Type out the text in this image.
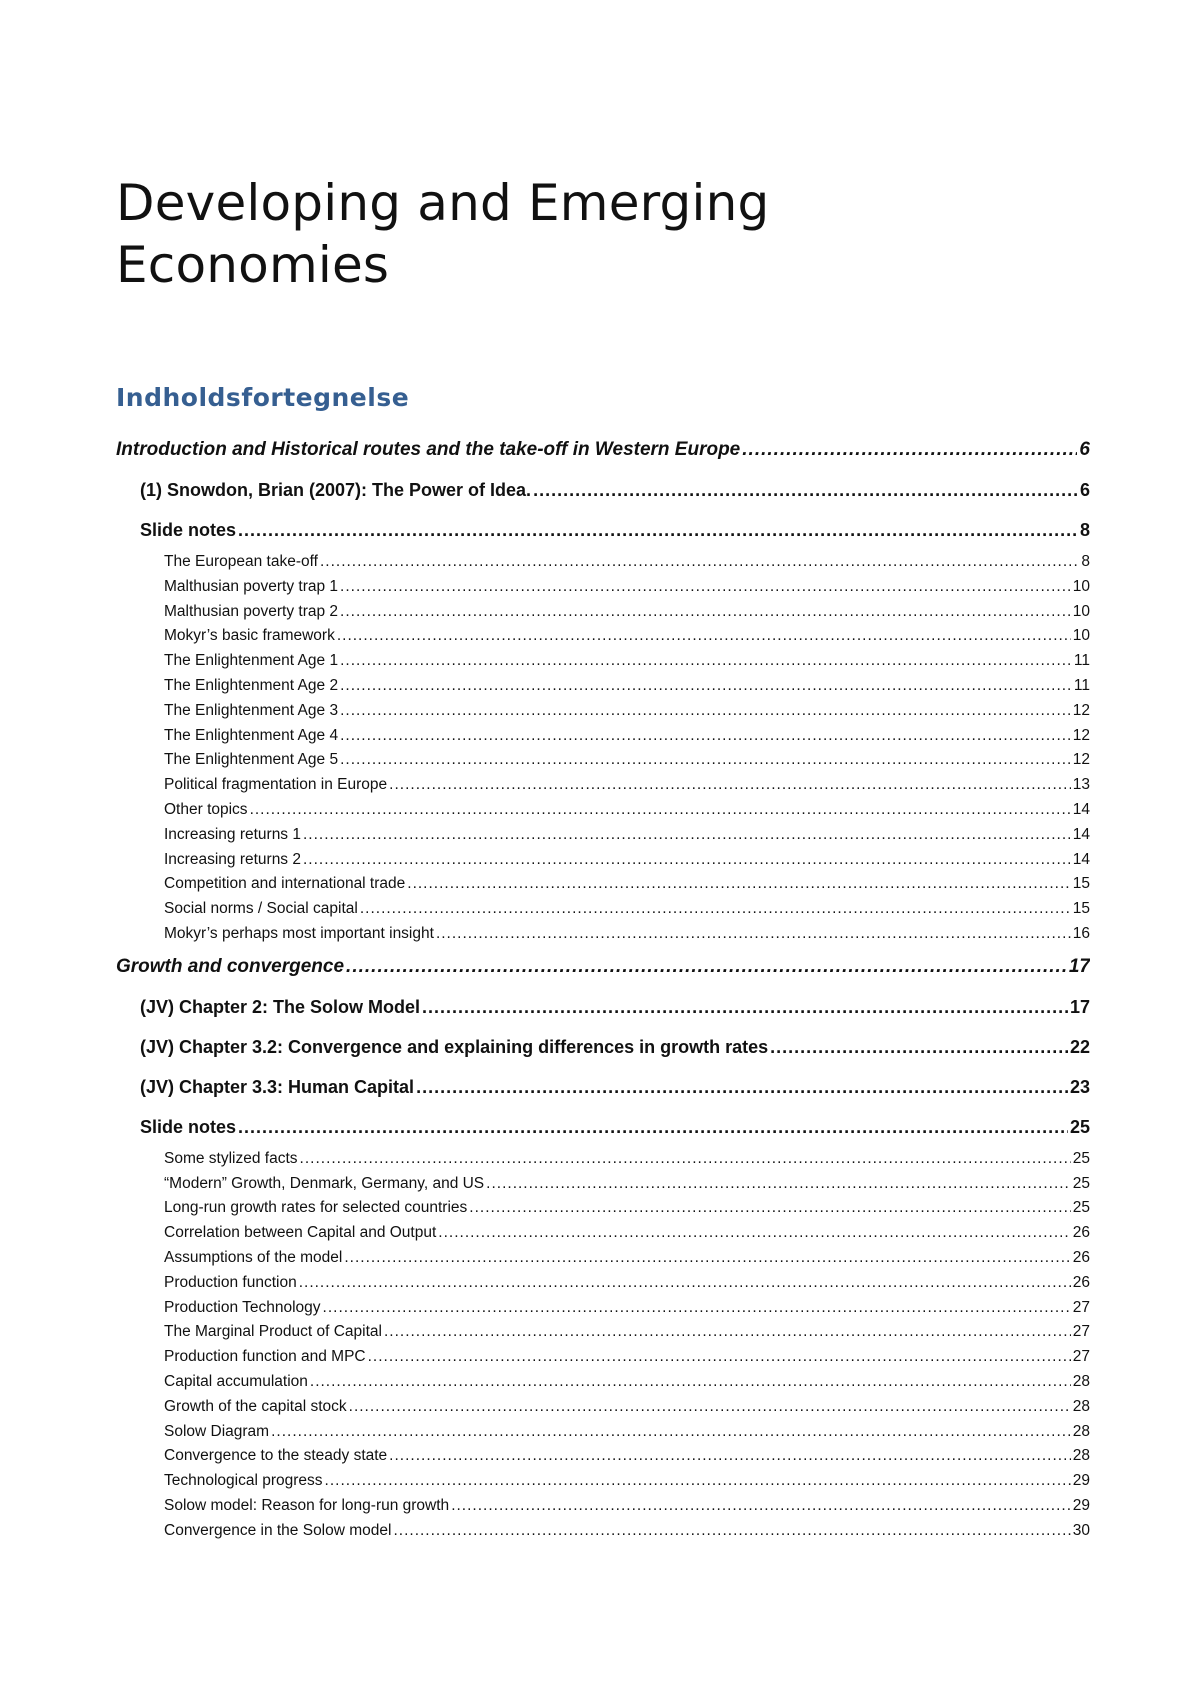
Developing and Emerging Economies
Indholdsfortegnelse
Introduction and Historical routes and the take-off in Western Europe .....	6
(1) Snowdon, Brian (2007): The Power of Idea. .....	6
Slide notes .....	8
The European take-off .....	8
Malthusian poverty trap 1 .....	10
Malthusian poverty trap 2 .....	10
Mokyr’s basic framework .....	10
The Enlightenment Age 1 .....	11
The Enlightenment Age 2 .....	11
The Enlightenment Age 3 .....	12
The Enlightenment Age 4 .....	12
The Enlightenment Age 5 .....	12
Political fragmentation in Europe .....	13
Other topics .....	14
Increasing returns 1 .....	14
Increasing returns 2 .....	14
Competition and international trade .....	15
Social norms / Social capital .....	15
Mokyr’s perhaps most important insight .....	16
Growth and convergence .....	17
(JV) Chapter 2: The Solow Model .....	17
(JV) Chapter 3.2: Convergence and explaining differences in growth rates .....	22
(JV) Chapter 3.3: Human Capital .....	23
Slide notes .....	25
Some stylized facts .....	25
“Modern” Growth, Denmark, Germany, and US .....	25
Long-run growth rates for selected countries .....	25
Correlation between Capital and Output .....	26
Assumptions of the model .....	26
Production function .....	26
Production Technology .....	27
The Marginal Product of Capital .....	27
Production function and MPC .....	27
Capital accumulation .....	28
Growth of the capital stock .....	28
Solow Diagram .....	28
Convergence to the steady state .....	28
Technological progress .....	29
Solow model: Reason for long-run growth .....	29
Convergence in the Solow model .....	30
